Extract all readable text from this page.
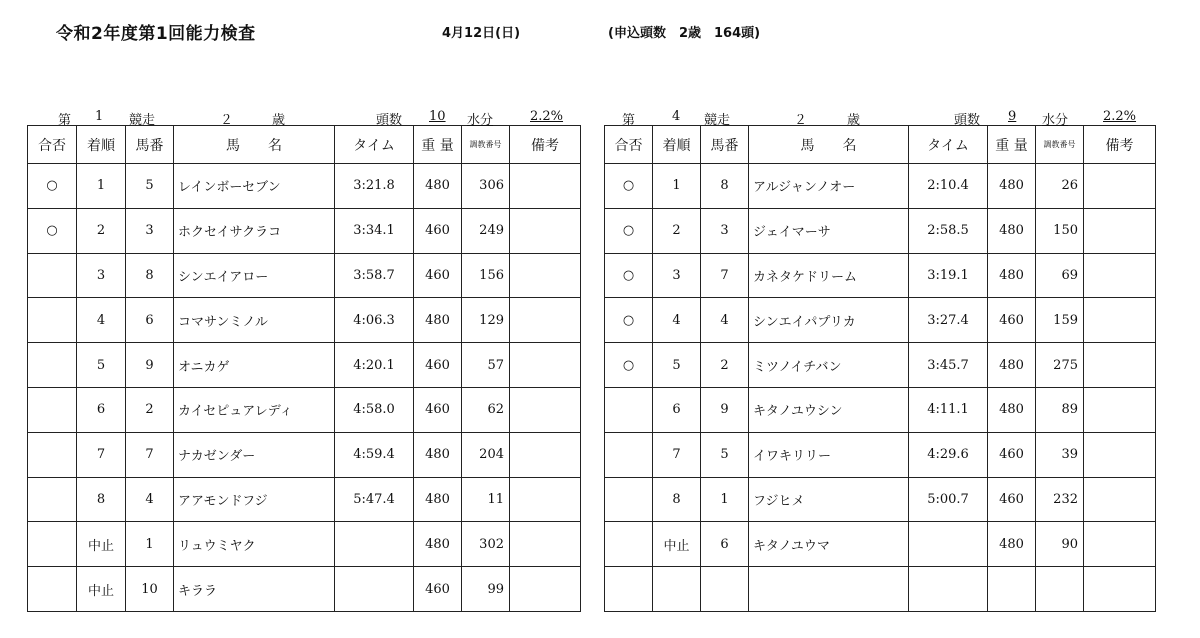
令和2年度第1回能力検査	4月12日(日)	(申込頭数　2歳　164頭)
第 1 競走	２	歳	頭数 10 水分	2.2%
合否	着順	馬番	馬　　名	タイム	重 量	調教番号	備考
○	1	5	レインボーセブン	3:21.8	480	306	
○	2	3	ホクセイサクラコ	3:34.1	460	249	
	3	8	シンエイアロー	3:58.7	460	156	
	4	6	コマサンミノル	4:06.3	480	129	
	5	9	オニカゲ	4:20.1	460	57	
	6	2	カイセピュアレディ	4:58.0	460	62	
	7	7	ナカゼンダー	4:59.4	480	204	
	8	4	アアモンドフジ	5:47.4	480	11	
	中止	1	リュウミヤク		480	302	
	中止	10	キララ		460	99	
第	4 競走	２	歳	頭数 9 水分	2.2%
合否	着順	馬番	馬　　名	タイム	重 量	調教番号	備考
○	1	8	アルジャンノオー	2:10.4	480	26	
○	2	3	ジェイマーサ	2:58.5	480	150	
○	3	7	カネタケドリーム	3:19.1	480	69	
○	4	4	シンエイパプリカ	3:27.4	460	159	
○	5	2	ミツノイチバン	3:45.7	480	275	
	6	9	キタノユウシン	4:11.1	480	89	
	7	5	イワキリリー	4:29.6	460	39	
	8	1	フジヒメ	5:00.7	460	232	
	中止	6	キタノユウマ		480	90	
